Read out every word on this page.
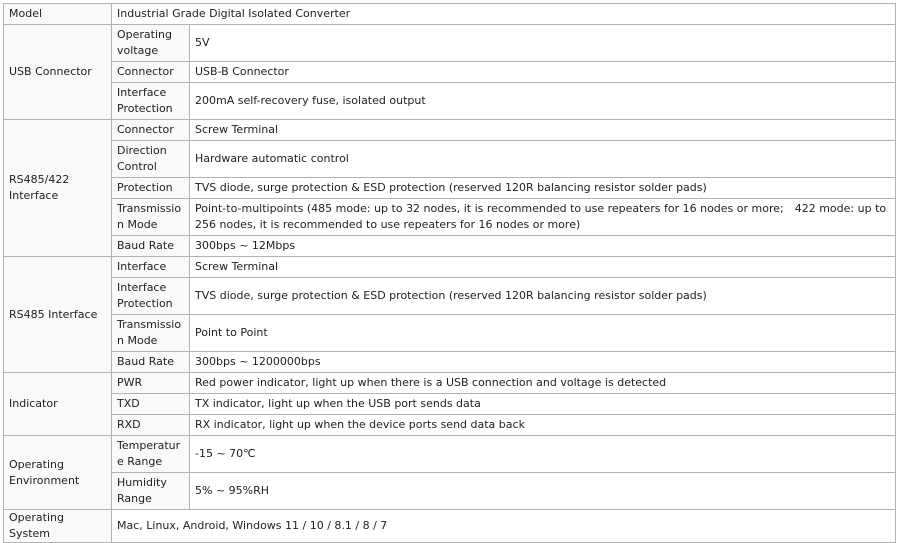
Model	Industrial Grade Digital Isolated Converter	
USB Connector	Operating voltage	5V
	Connector	USB-B Connector
	Interface Protection	200mA self-recovery fuse, isolated output
RS485/422 Interface	Connector	Screw Terminal
	Direction Control	Hardware automatic control
	Protection	TVS diode, surge protection & ESD protection (reserved 120R balancing resistor solder pads)
	Transmission Mode	Point-to-multipoints (485 mode: up to 32 nodes, it is recommended to use repeaters for 16 nodes or more;　422 mode: up to 256 nodes, it is recommended to use repeaters for 16 nodes or more)
	Baud Rate	300bps ~ 12Mbps
RS485 Interface	Interface	Screw Terminal
	Interface Protection	TVS diode, surge protection & ESD protection (reserved 120R balancing resistor solder pads)
	Transmission Mode	Point to Point
	Baud Rate	300bps ~ 1200000bps
Indicator	PWR	Red power indicator, light up when there is a USB connection and voltage is detected
	TXD	TX indicator, light up when the USB port sends data
	RXD	RX indicator, light up when the device ports send data back
Operating Environment	Temperature Range	-15 ~ 70℃
	Humidity Range	5% ~ 95%RH
Operating System	Mac, Linux, Android, Windows 11 / 10 / 8.1 / 8 / 7	
